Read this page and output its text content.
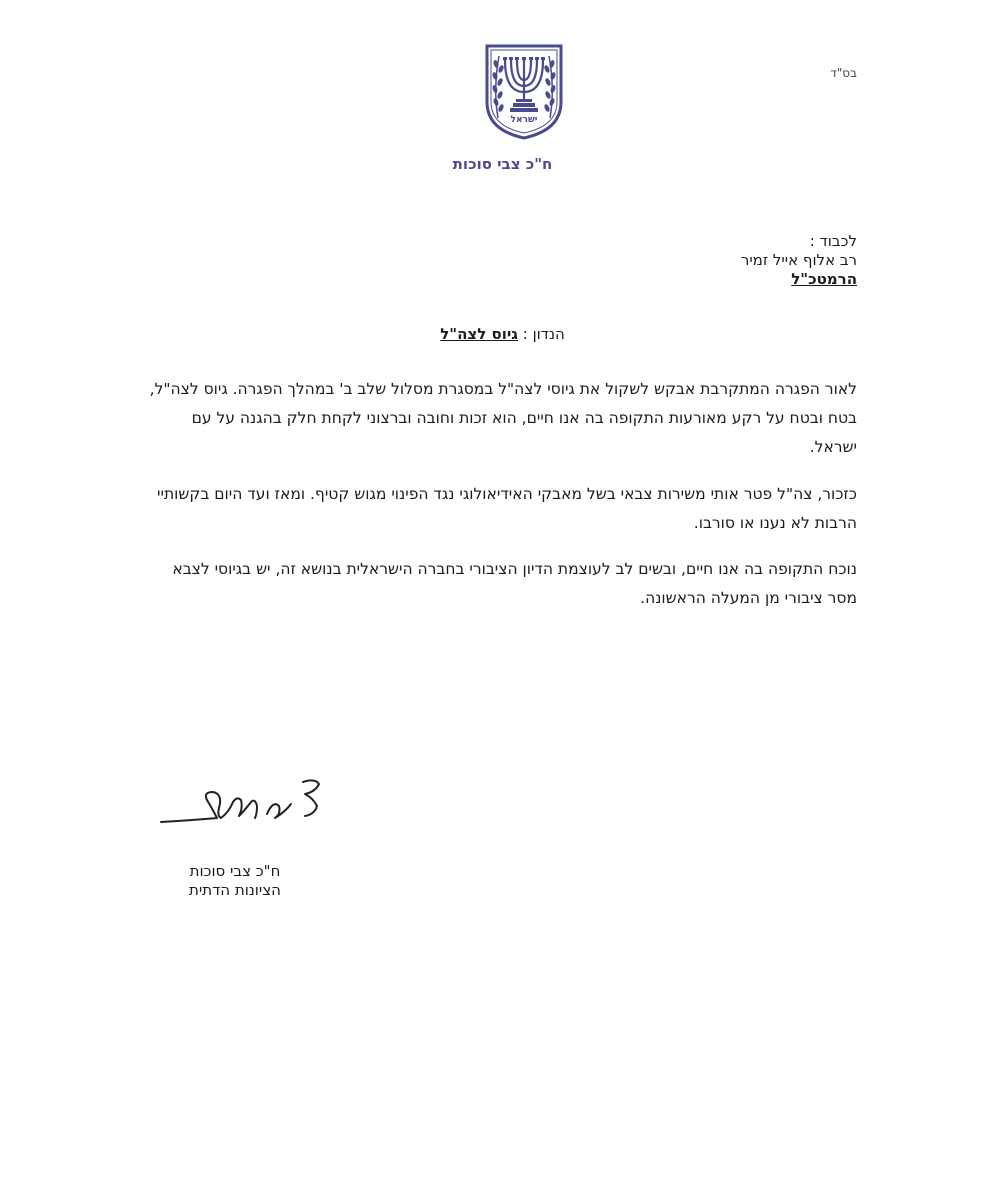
ישראל
בס"ד
ח"כ צבי סוכות
לכבוד :
רב אלוף אייל זמיר
הרמטכ"ל
הנדון : גיוס לצה"ל
לאור הפגרה המתקרבת אבקש לשקול את גיוסי לצה"ל במסגרת מסלול שלב ב' במהלך הפגרה. גיוס לצה"ל, בטח ובטח על רקע מאורעות התקופה בה אנו חיים, הוא זכות וחובה וברצוני לקחת חלק בהגנה על עם ישראל.
כזכור, צה"ל פטר אותי משירות צבאי בשל מאבקי האידיאולוגי נגד הפינוי מגוש קטיף. ומאז ועד היום בקשותיי הרבות לא נענו או סורבו.
נוכח התקופה בה אנו חיים, ובשים לב לעוצמת הדיון הציבורי בחברה הישראלית בנושא זה, יש בגיוסי לצבא מסר ציבורי מן המעלה הראשונה.
ח"כ צבי סוכות
הציונות הדתית
